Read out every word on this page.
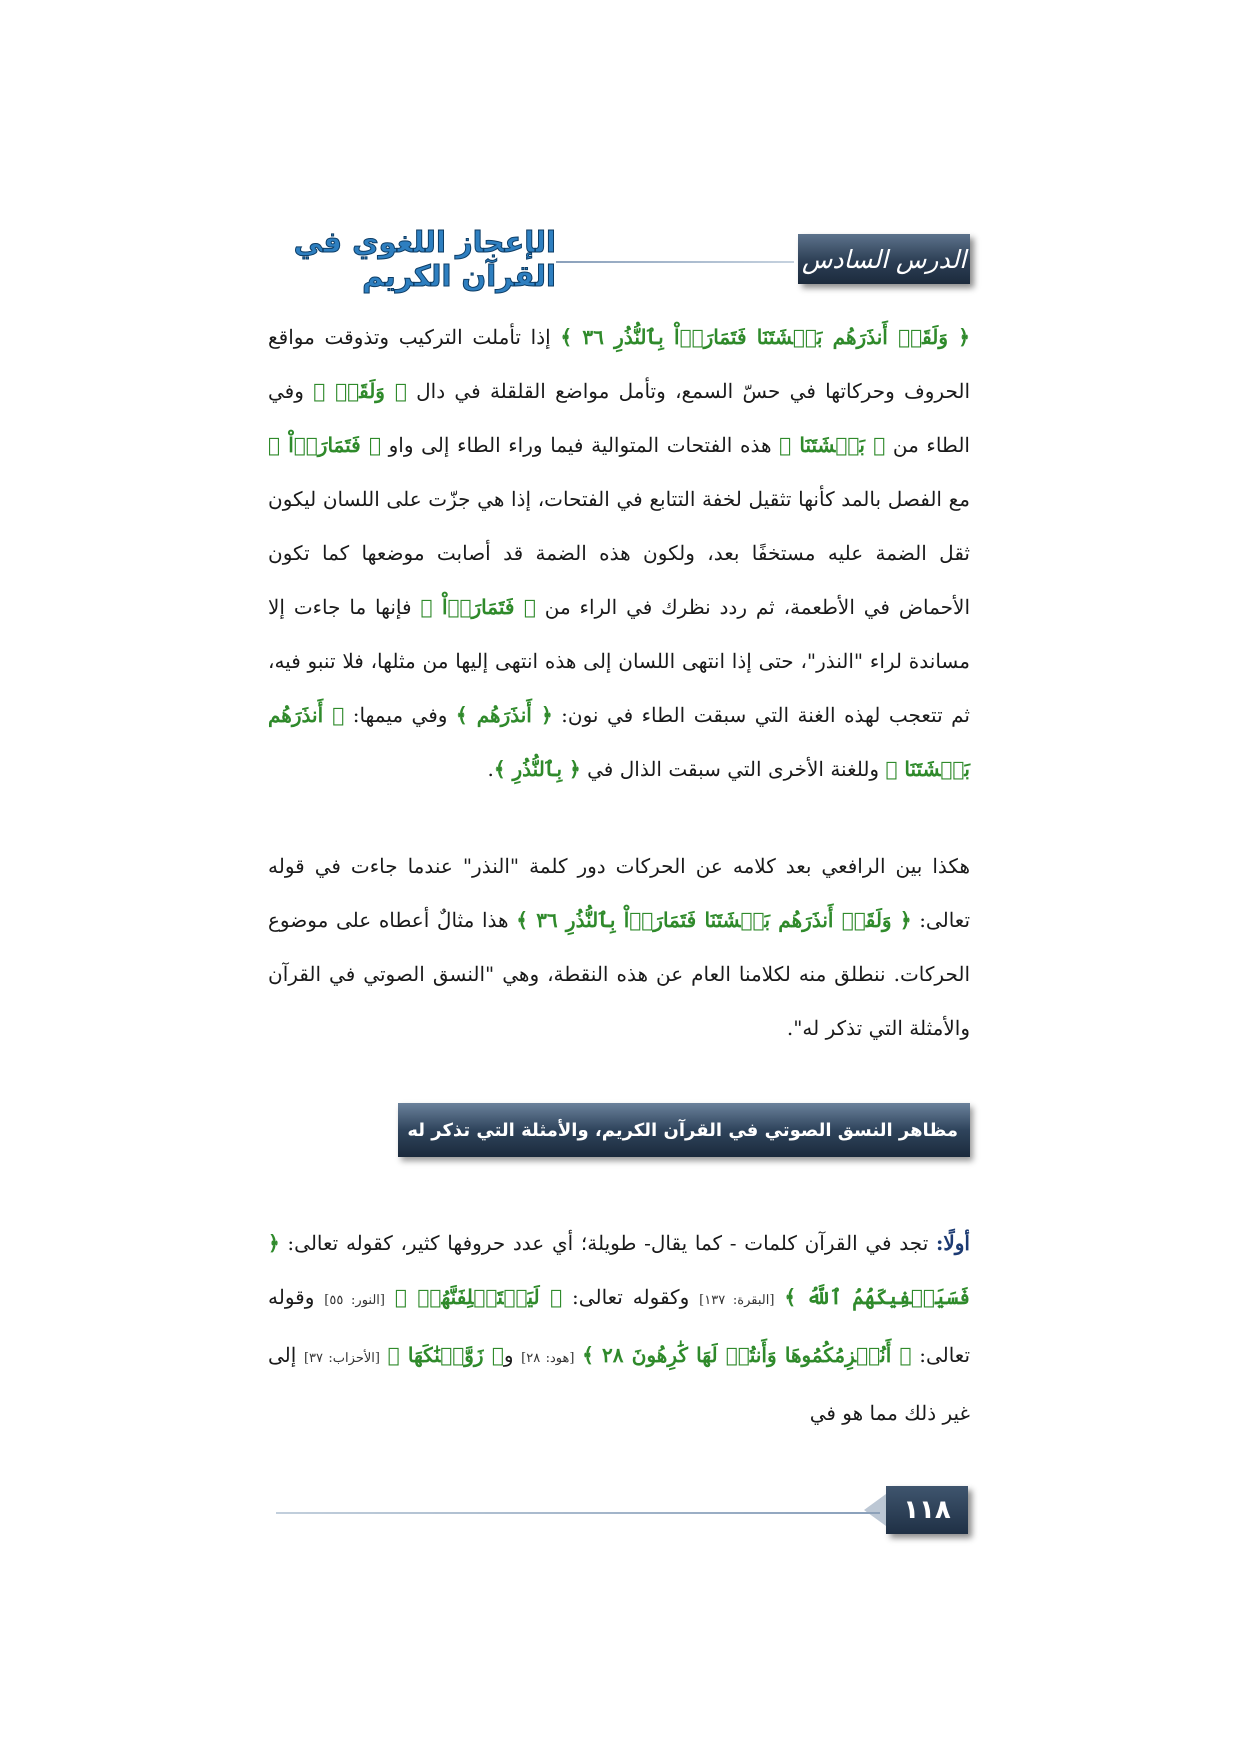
الدرس السادس
الإعجاز اللغوي في القرآن الكريم

﴿ وَلَقَدۡ أَنذَرَهُم بَطۡشَتَنَا فَتَمَارَوۡاْ بِٱلنُّذُرِ ٣٦ ﴾ إذا تأملت التركيب وتذوقت مواقع الحروف وحركاتها في حسّ السمع، وتأمل مواضع القلقلة في دال ﴿ وَلَقَدۡ ﴾ وفي الطاء من ﴿ بَطۡشَتَنَا ﴾ هذه الفتحات المتوالية فيما وراء الطاء إلى واو ﴿ فَتَمَارَوۡاْ ﴾ مع الفصل بالمد كأنها تثقيل لخفة التتابع في الفتحات، إذا هي جزّت على اللسان ليكون ثقل الضمة عليه مستخفًا بعد، ولكون هذه الضمة قد أصابت موضعها كما تكون الأحماض في الأطعمة، ثم ردد نظرك في الراء من ﴿ فَتَمَارَوۡاْ ﴾ فإنها ما جاءت إلا مساندة لراء "النذر"، حتى إذا انتهى اللسان إلى هذه انتهى إليها من مثلها، فلا تنبو فيه، ثم تتعجب لهذه الغنة التي سبقت الطاء في نون: ﴿ أَنذَرَهُم ﴾ وفي ميمها: ﴿ أَنذَرَهُم بَطۡشَتَنَا ﴾ وللغنة الأخرى التي سبقت الذال في ﴿ بِٱلنُّذُرِ ﴾.

هكذا بين الرافعي بعد كلامه عن الحركات دور كلمة "النذر" عندما جاءت في قوله تعالى: ﴿ وَلَقَدۡ أَنذَرَهُم بَطۡشَتَنَا فَتَمَارَوۡاْ بِٱلنُّذُرِ ٣٦ ﴾ هذا مثالٌ أعطاه على موضوع الحركات. ننطلق منه لكلامنا العام عن هذه النقطة، وهي "النسق الصوتي في القرآن والأمثلة التي تذكر له".

مظاهر النسق الصوتي في القرآن الكريم، والأمثلة التي تذكر له

أولًا: تجد في القرآن كلمات - كما يقال- طويلة؛ أي عدد حروفها كثير، كقوله تعالى: ﴿ فَسَيَكۡفِيكَهُمُ ٱللَّهُ ﴾ [البقرة: ١٣٧] وكقوله تعالى: ﴿ لَيَسۡتَخۡلِفَنَّهُمۡ ﴾ [النور: ٥٥] وقوله تعالى: ﴿ أَنُلۡزِمُكُمُوهَا وَأَنتُمۡ لَهَا كَٰرِهُونَ ٢٨ ﴾ [هود: ٢٨] و﴿ زَوَّجۡنَٰكَهَا ﴾ [الأحزاب: ٣٧] إلى غير ذلك مما هو في

١١٨
